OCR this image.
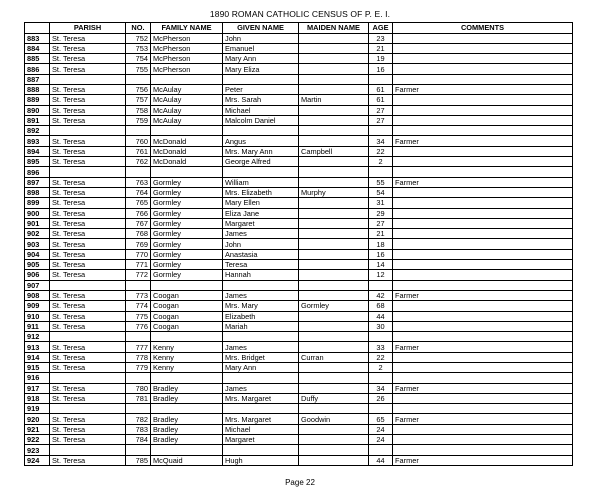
1890 ROMAN CATHOLIC CENSUS OF P. E. I.
	PARISH	NO.	FAMILY NAME	GIVEN NAME	MAIDEN NAME	AGE	COMMENTS
883	St. Teresa	752	McPherson	John		23	
884	St. Teresa	753	McPherson	Emanuel		21	
885	St. Teresa	754	McPherson	Mary Ann		19	
886	St. Teresa	755	McPherson	Mary Eliza		16	
887							
888	St. Teresa	756	McAulay	Peter		61	Farmer
889	St. Teresa	757	McAulay	Mrs. Sarah	Martin	61	
890	St. Teresa	758	McAulay	Michael		27	
891	St. Teresa	759	McAulay	Malcolm Daniel		27	
892							
893	St. Teresa	760	McDonald	Angus		34	Farmer
894	St. Teresa	761	McDonald	Mrs. Mary Ann	Campbell	22	
895	St. Teresa	762	McDonald	George Alfred		2	
896							
897	St. Teresa	763	Gormley	William		55	Farmer
898	St. Teresa	764	Gormley	Mrs. Elizabeth	Murphy	54	
899	St. Teresa	765	Gormley	Mary Ellen		31	
900	St. Teresa	766	Gormley	Eliza Jane		29	
901	St. Teresa	767	Gormley	Margaret		27	
902	St. Teresa	768	Gormley	James		21	
903	St. Teresa	769	Gormley	John		18	
904	St. Teresa	770	Gormley	Anastasia		16	
905	St. Teresa	771	Gormley	Teresa		14	
906	St. Teresa	772	Gormley	Hannah		12	
907							
908	St. Teresa	773	Coogan	James		42	Farmer
909	St. Teresa	774	Coogan	Mrs. Mary	Gormley	68	
910	St. Teresa	775	Coogan	Elizabeth		44	
911	St. Teresa	776	Coogan	Mariah		30	
912							
913	St. Teresa	777	Kenny	James		33	Farmer
914	St. Teresa	778	Kenny	Mrs. Bridget	Curran	22	
915	St. Teresa	779	Kenny	Mary Ann		2	
916							
917	St. Teresa	780	Bradley	James		34	Farmer
918	St. Teresa	781	Bradley	Mrs. Margaret	Duffy	26	
919							
920	St. Teresa	782	Bradley	Mrs. Margaret	Goodwin	65	Farmer
921	St. Teresa	783	Bradley	Michael		24	
922	St. Teresa	784	Bradley	Margaret		24	
923							
924	St. Teresa	785	McQuaid	Hugh		44	Farmer
Page 22
